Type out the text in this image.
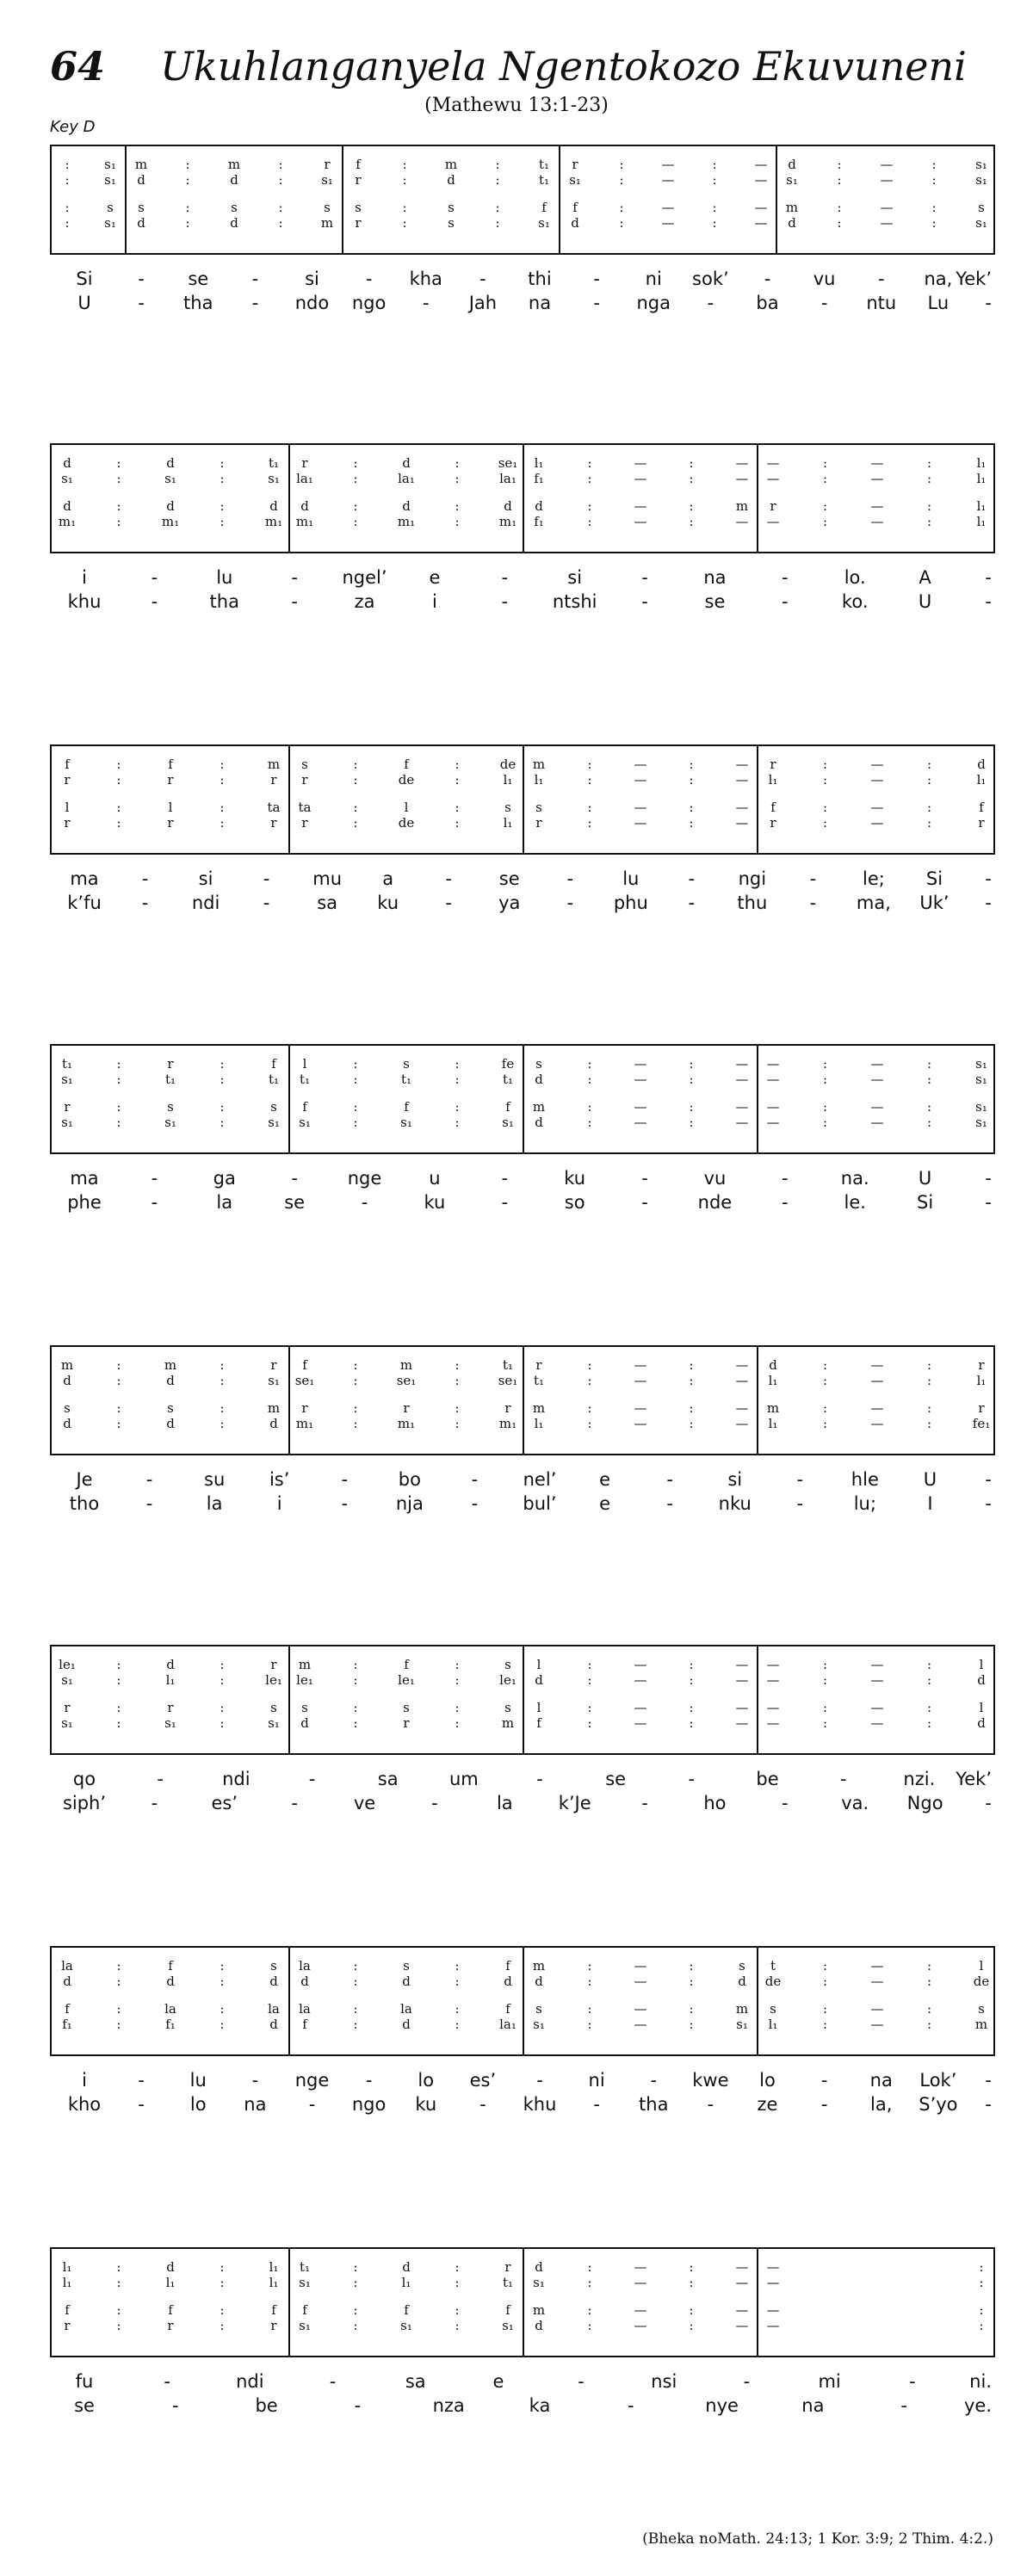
64 Ukuhlanganyela Ngentokozo Ekuvuneni
(Mathewu 13:1-23)
Key D
:	s₁ m	:	m	:	r f	:	m	:	t₁ r	:	—	:	— d	:	—	:	s₁
:	s₁ d	:	d	:	s₁ r	:	d	:	t₁ s₁	:	—	:	— s₁	:	—	:	s₁
:	s s	:	s	:	s s	:	s	:	f f	:	—	:	— m	:	—	:	s
:	s₁ d	:	d	:	m r	:	s	:	s₁ d	:	—	:	— d	:	—	:	s₁
Si	- se -	si	- kha - thi -	ni sok’ - vu - na, Yek’
U	- tha - ndo ngo - Jah na - nga - ba - ntu Lu -
d	:	d	:	t₁ r	:	d	:	se₁ l₁	:	—	:	— —	:	—	:	l₁
s₁	:	s₁	:	s₁ la₁	:	la₁	:	la₁ f₁	:	—	:	— —	:	—	:	l₁
d	:	d	:	d d	:	d	:	d d	:	—	:	m r	:	—	:	l₁
m₁	:	m₁	:	m₁ m₁	:	m₁	:	m₁ f₁	:	—	:	— —	:	—	:	l₁
i	-	lu	- ngel’ e	-	si	-	na	-	lo.	A	-
khu	-	tha	-	za	i	- ntshi -	se	-	ko.	U	-
f	:	f	:	m s	:	f	:	de m	:	—	:	— r	:	—	:	d
r	:	r	:	r r	:	de	:	l₁ l₁	:	—	:	— l₁	:	—	:	l₁
l	:	l	:	ta ta	:	l	:	s s	:	—	:	— f	:	—	:	f
r	:	r	:	r r	:	de	:	l₁ r	:	—	:	— r	:	—	:	r
ma -	si	- mu a	-	se	-	lu	- ngi -	le; Si -
k’fu - ndi -	sa ku	-	ya	- phu - thu - ma, Uk’ -
t₁	:	r	:	f l	:	s	:	fe s	:	—	:	— —	:	—	:	s₁
s₁	:	t₁	:	t₁ t₁	:	t₁	:	t₁ d	:	—	:	— —	:	—	:	s₁
r	:	s	:	s f	:	f	:	f m	:	—	:	— —	:	—	:	s₁
s₁	:	s₁	:	s₁ s₁	:	s₁	:	s₁ d	:	—	:	— —	:	—	:	s₁
ma	-	ga	-	nge	u	-	ku	-	vu	-	na.	U	-
phe	-	la	se	-	ku	-	so	-	nde	-	le.	Si	-
m	:	m	:	r f	:	m	:	t₁ r	:	—	:	— d	:	—	:	r
d	:	d	:	s₁ se₁	:	se₁	:	se₁ t₁	:	—	:	— l₁	:	—	:	l₁
s	:	s	:	m r	:	r	:	r m	:	—	:	— m	:	—	:	r
d	:	d	:	d m₁	:	m₁	:	m₁ l₁	:	—	:	— l₁	:	—	:	fe₁
Je	-	su is’	-	bo	- nel’ e	-	si	-	hle U	-
tho	-	la	i	-	nja	- bul’ e	-	nku	-	lu;	I	-
le₁	:	d	:	r m	:	f	:	s l	:	—	:	— —	:	—	:	l
s₁	:	l₁	:	le₁ le₁	:	le₁	:	le₁ d	:	—	:	— —	:	—	:	d
r	:	r	:	s s	:	s	:	s l	:	—	:	— —	:	—	:	l
s₁	:	s₁	:	s₁ d	:	r	:	m f	:	—	:	— —	:	—	:	d
qo	-	ndi	-	sa	um	-	se	-	be	-	nzi. Yek’
siph’	-	es’	-	ve	-	la	k’Je	-	ho	-	va. Ngo -
la	:	f	:	s la	:	s	:	f m	:	—	:	s t	:	—	:	l
d	:	d	:	d d	:	d	:	d d	:	—	:	d de	:	—	:	de
f	:	la	:	la la	:	la	:	f s	:	—	:	m s	:	—	:	s
f₁	:	f₁	:	d f	:	d	:	la₁ s₁	:	—	:	s₁ l₁	:	—	:	m
i	-	lu	- nge -	lo es’ -	ni	- kwe lo	- na Lok’ -
kho -	lo na - ngo ku - khu - tha - ze - la, S’yo -
l₁	:	d	:	l₁ t₁	:	d	:	r d	:	—	:	— —	:
l₁	:	l₁	:	l₁ s₁	:	l₁	:	t₁ s₁	:	—	:	— —	:
f	:	f	:	f f	:	f	:	f m	:	—	:	— —	:
r	:	r	:	r s₁	:	s₁	:	s₁ d	:	—	:	— —	:
fu	-	ndi	-	sa	e	-	nsi	-	mi	-	ni.
se	-	be	-	nza	ka	-	nye	na	-	ye.
(Bheka noMath. 24:13; 1 Kor. 3:9; 2 Thim. 4:2.)
